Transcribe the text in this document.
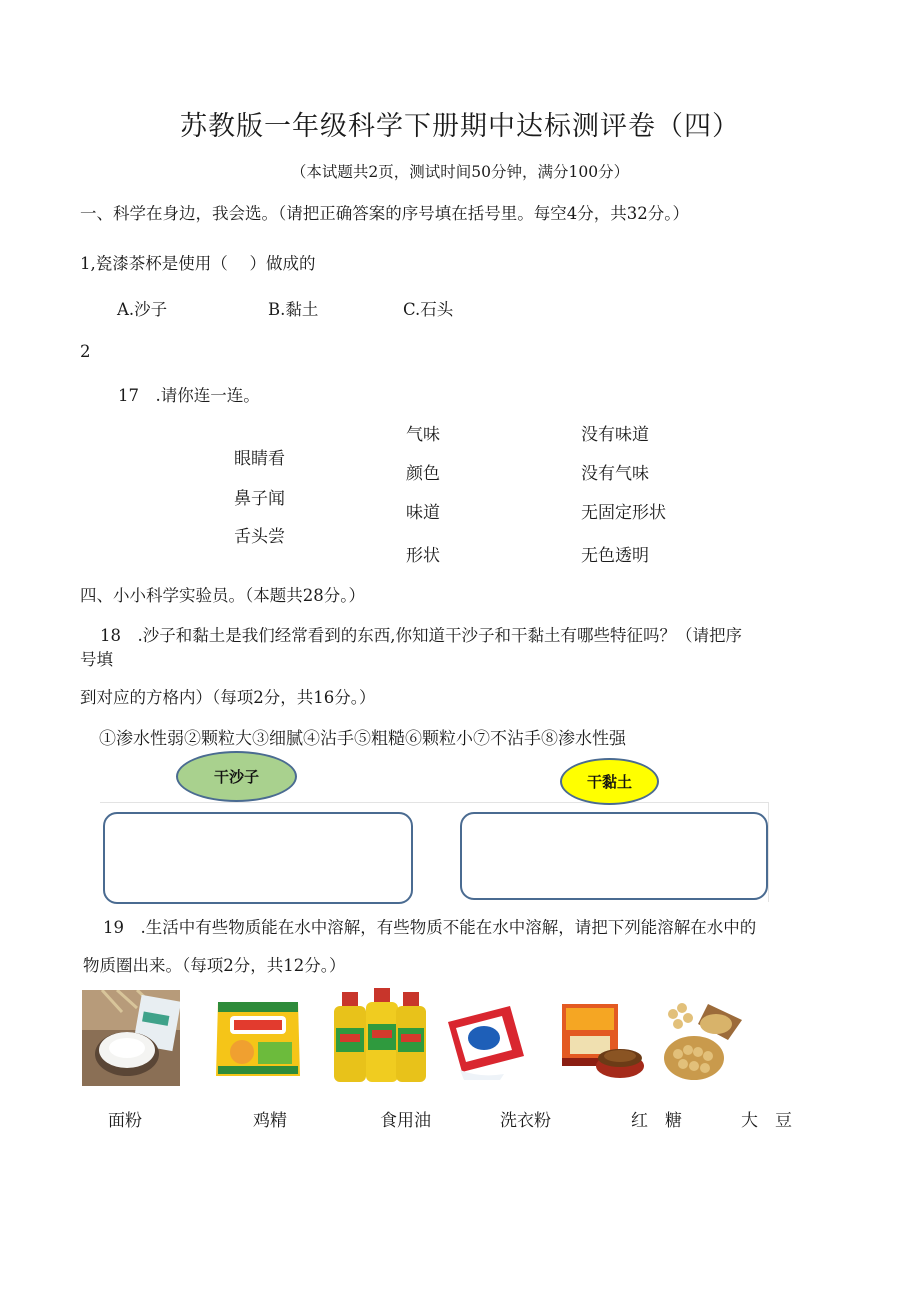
苏教版一年级科学下册期中达标测评卷（四）
（本试题共2页，测试时间50分钟，满分100分）
一、科学在身边，我会选。（请把正确答案的序号填在括号里。每空4分，共32分。）
1,瓷漆茶杯是使用（　 ）做成的
A.沙子	B.黏土	C.石头
2
17　.请你连一连。
眼睛看
鼻子闻
舌头尝
气味
颜色
味道
形状
没有味道
没有气味
无固定形状
无色透明
四、小小科学实验员。（本题共28分。）
18　.沙子和黏土是我们经常看到的东西,你知道干沙子和干黏土有哪些特征吗？（请把序
号填
到对应的方格内）（每项2分，共16分。）
①渗水性弱②颗粒大③细腻④沾手⑤粗糙⑥颗粒小⑦不沾手⑧渗水性强
干沙子	干黏土
19　.生活中有些物质能在水中溶解，有些物质不能在水中溶解，请把下列能溶解在水中的
物质圈出来。（每项2分，共12分。）
面粉	鸡精	食用油	洗衣粉	红　糖	大　豆
